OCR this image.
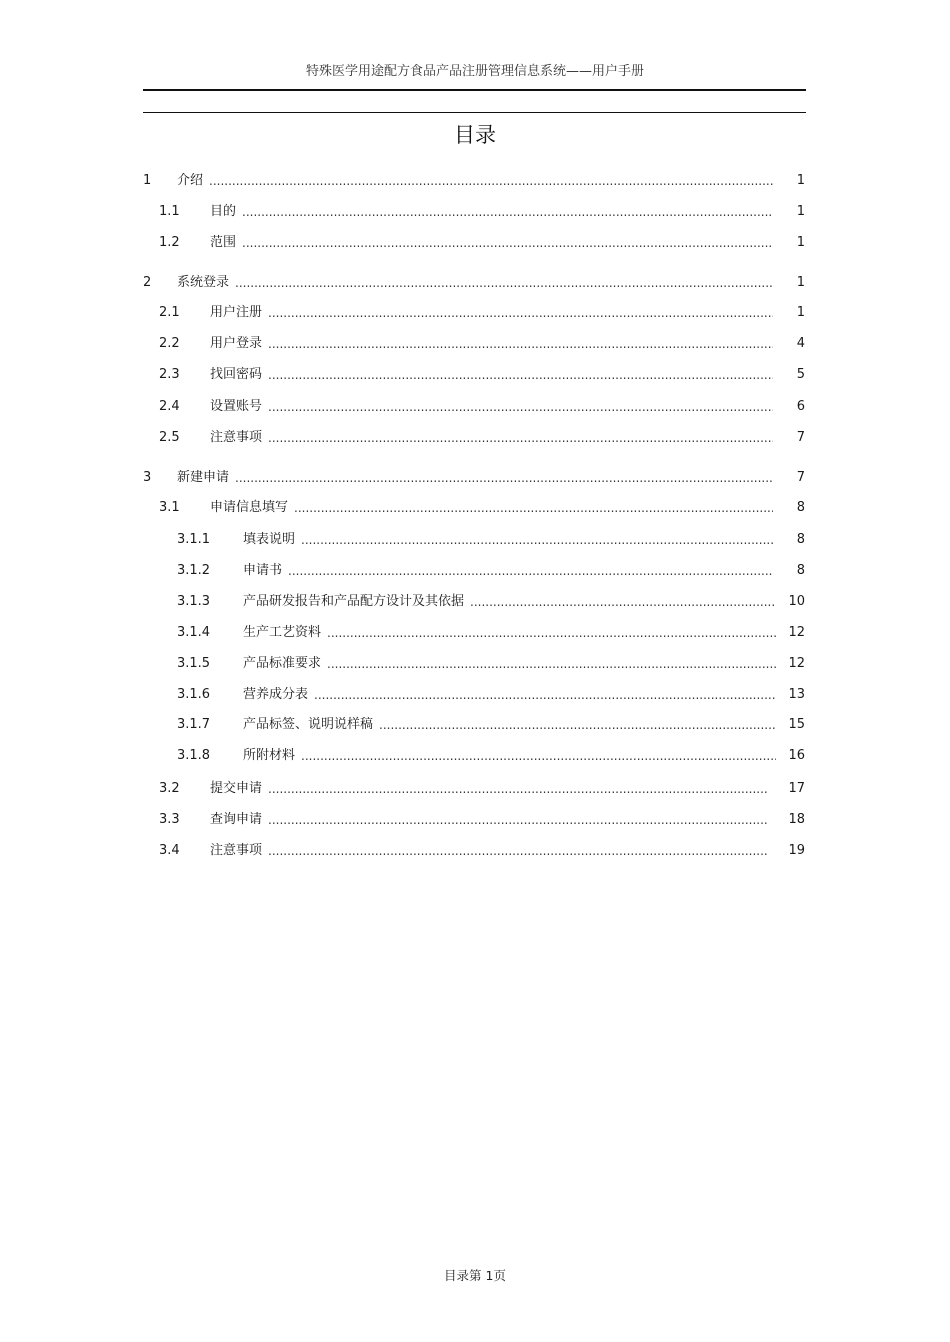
特殊医学用途配方食品产品注册管理信息系统——用户手册
目录
1 介绍 .....	1
1.1 目的 .....	1
1.2 范围 .....	1
2 系统登录 .....	1
2.1 用户注册 .....	1
2.2 用户登录 .....	4
2.3 找回密码 .....	5
2.4 设置账号 .....	6
2.5 注意事项 .....	7
3 新建申请 .....	7
3.1 申请信息填写 .....	8
3.1.1	填表说明 .....	8
3.1.2	申请书 .....	8
3.1.3	产品研发报告和产品配方设计及其依据 .....	10
3.1.4	生产工艺资料 .....	12
3.1.5	产品标准要求 .....	12
3.1.6	营养成分表 .....	13
3.1.7	产品标签、说明说样稿 .....	15
3.1.8	所附材料 .....	16
3.2 提交申请 .....	17
3.3 查询申请 .....	18
3.4 注意事项 .....	19
目录第 1页
